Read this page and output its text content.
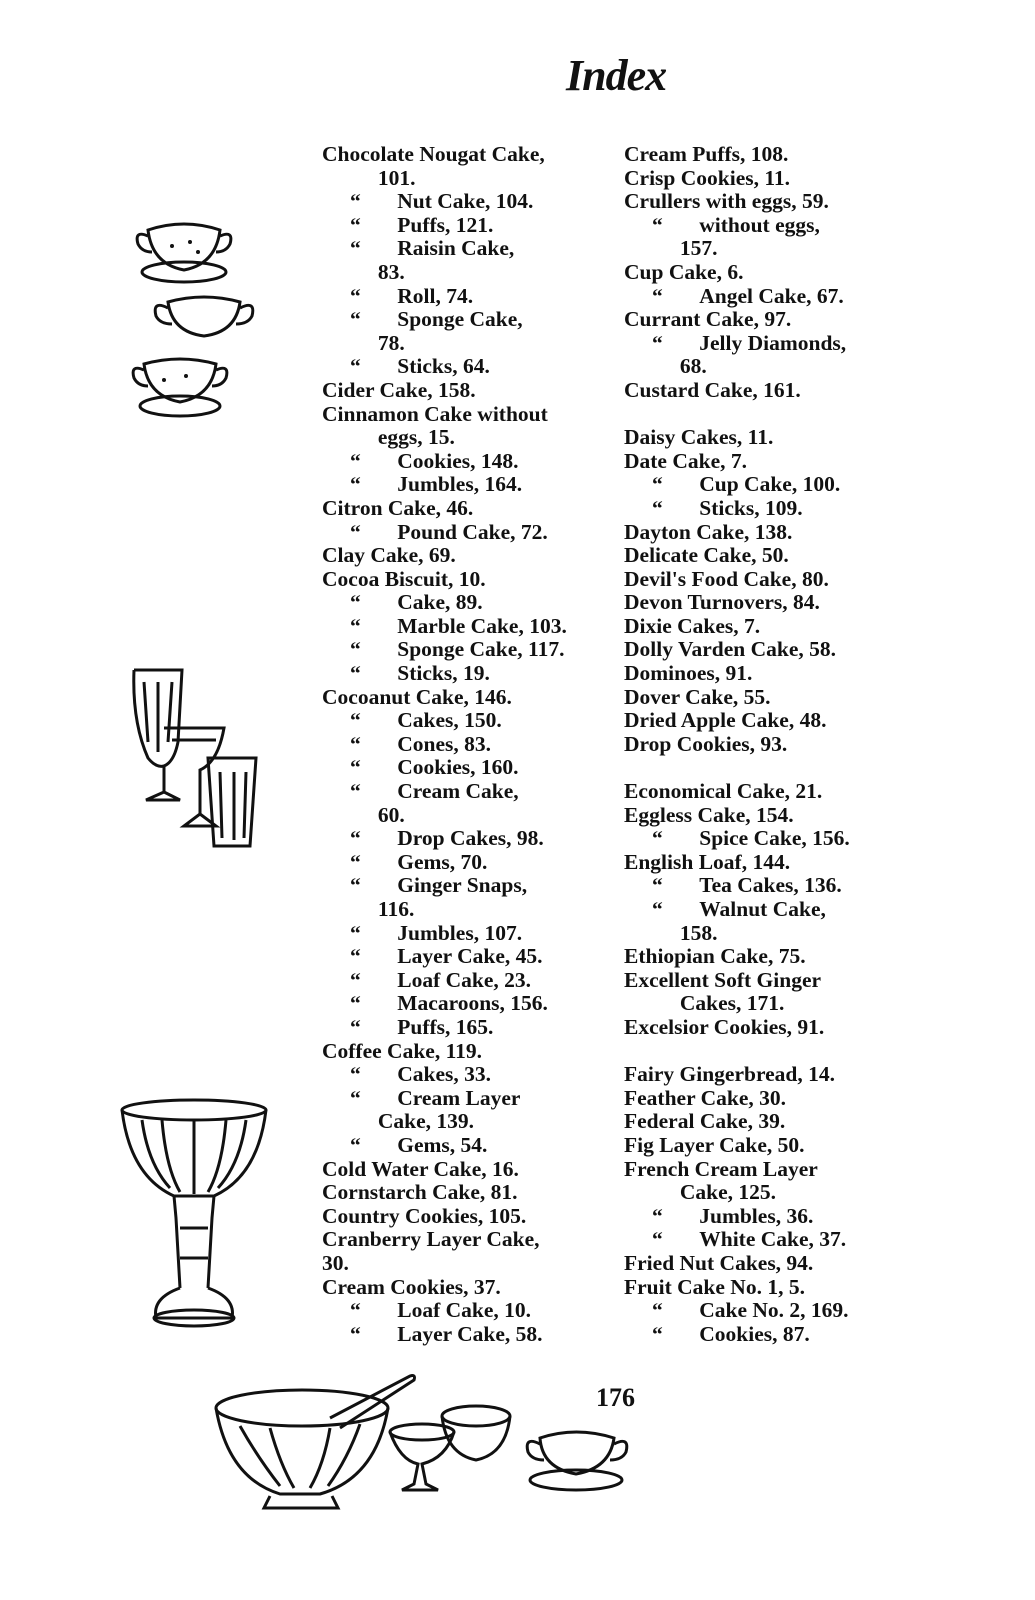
Index
Chocolate Nougat Cake,
101.
“ Nut Cake, 104.
“ Puffs, 121.
“ Raisin Cake,
83.
“ Roll, 74.
“ Sponge Cake,
78.
“ Sticks, 64.
Cider Cake, 158.
Cinnamon Cake without
eggs, 15.
“ Cookies, 148.
“ Jumbles, 164.
Citron Cake, 46.
“ Pound Cake, 72.
Clay Cake, 69.
Cocoa Biscuit, 10.
“ Cake, 89.
“ Marble Cake, 103.
“ Sponge Cake, 117.
“ Sticks, 19.
Cocoanut Cake, 146.
“ Cakes, 150.
“ Cones, 83.
“ Cookies, 160.
“ Cream Cake,
60.
“ Drop Cakes, 98.
“ Gems, 70.
“ Ginger Snaps,
116.
“ Jumbles, 107.
“ Layer Cake, 45.
“ Loaf Cake, 23.
“ Macaroons, 156.
“ Puffs, 165.
Coffee Cake, 119.
“ Cakes, 33.
“ Cream Layer
Cake, 139.
“ Gems, 54.
Cold Water Cake, 16.
Cornstarch Cake, 81.
Country Cookies, 105.
Cranberry Layer Cake,
30.
Cream Cookies, 37.
“ Loaf Cake, 10.
“ Layer Cake, 58.
Cream Puffs, 108.
Crisp Cookies, 11.
Crullers with eggs, 59.
“ without eggs,
157.
Cup Cake, 6.
“ Angel Cake, 67.
Currant Cake, 97.
“ Jelly Diamonds,
68.
Custard Cake, 161.
Daisy Cakes, 11.
Date Cake, 7.
“ Cup Cake, 100.
“ Sticks, 109.
Dayton Cake, 138.
Delicate Cake, 50.
Devil's Food Cake, 80.
Devon Turnovers, 84.
Dixie Cakes, 7.
Dolly Varden Cake, 58.
Dominoes, 91.
Dover Cake, 55.
Dried Apple Cake, 48.
Drop Cookies, 93.
Economical Cake, 21.
Eggless Cake, 154.
“ Spice Cake, 156.
English Loaf, 144.
“ Tea Cakes, 136.
“ Walnut Cake,
158.
Ethiopian Cake, 75.
Excellent Soft Ginger
Cakes, 171.
Excelsior Cookies, 91.
Fairy Gingerbread, 14.
Feather Cake, 30.
Federal Cake, 39.
Fig Layer Cake, 50.
French Cream Layer
Cake, 125.
“ Jumbles, 36.
“ White Cake, 37.
Fried Nut Cakes, 94.
Fruit Cake No. 1, 5.
“ Cake No. 2, 169.
“ Cookies, 87.
176
